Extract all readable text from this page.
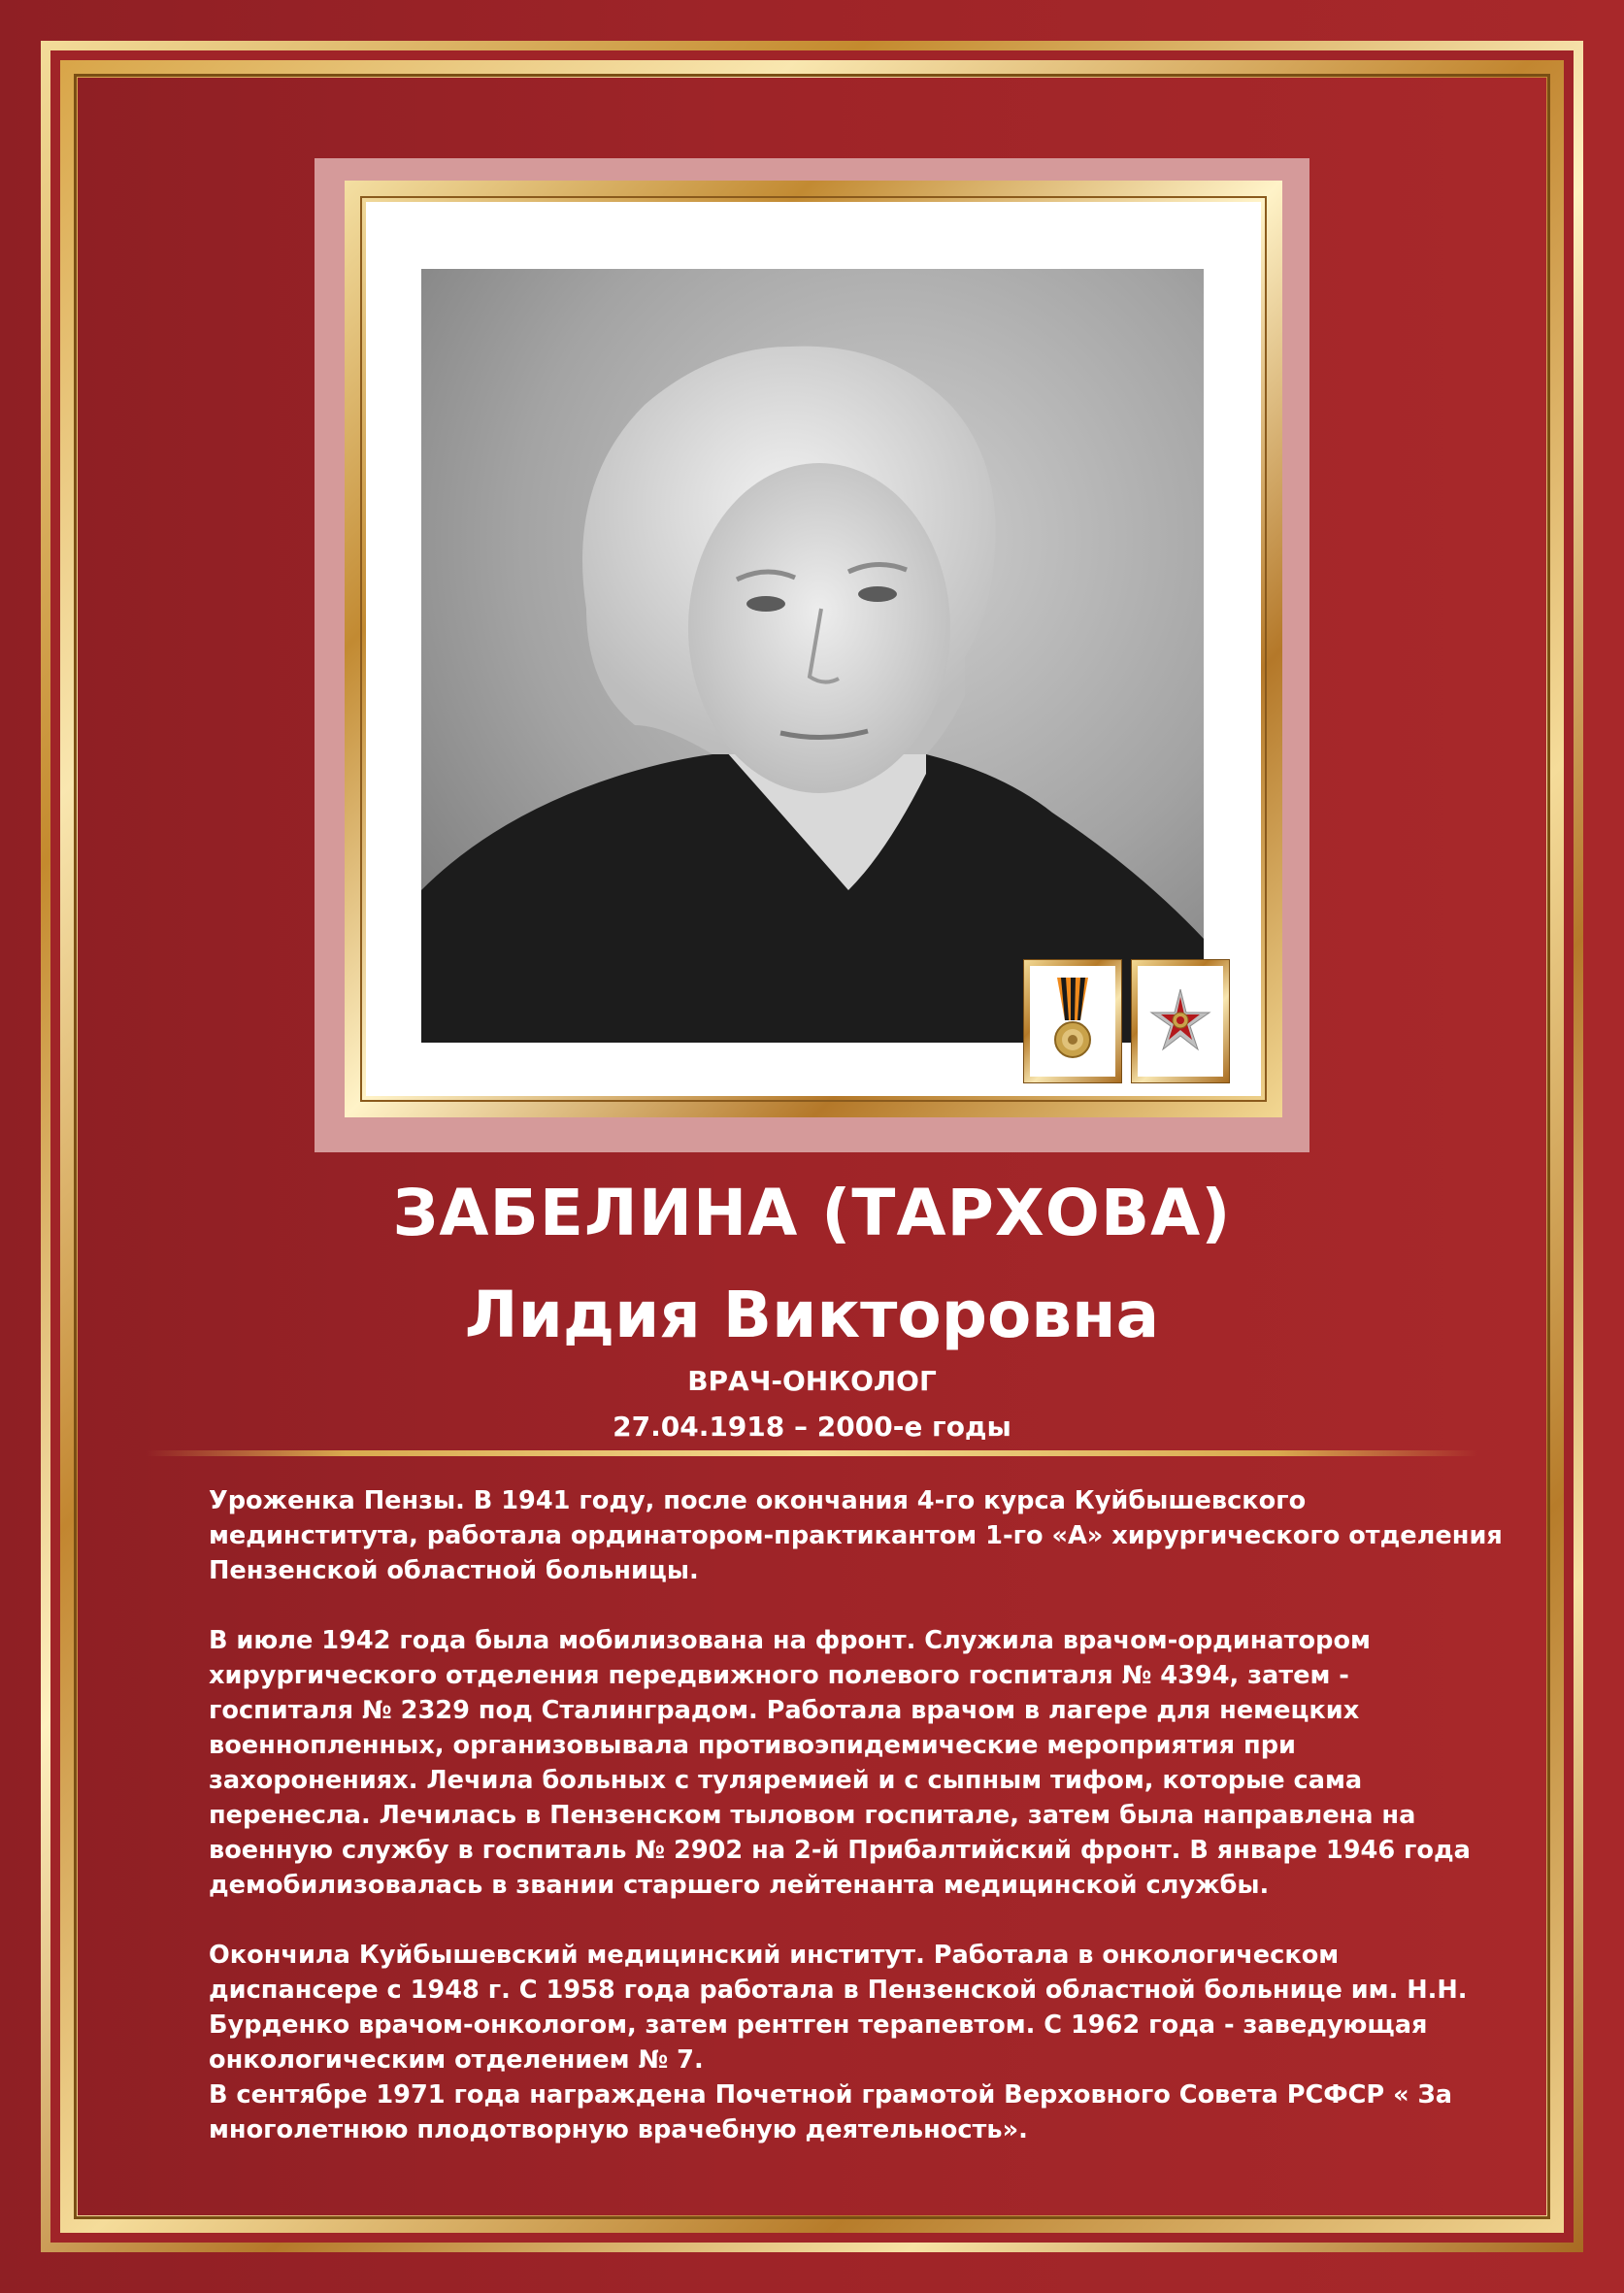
ЗАБЕЛИНА (ТАРХОВА)
Лидия Викторовна
ВРАЧ-ОНКОЛОГ
27.04.1918 – 2000-е годы

Уроженка Пензы. В 1941 году, после окончания 4-го курса Куйбышевского
мединститута, работала ординатором-практикантом 1-го «А» хирургического отделения
Пензенской областной больницы.

В июле 1942 года была мобилизована на фронт. Служила врачом-ординатором
хирургического отделения передвижного полевого госпиталя № 4394, затем -
госпиталя № 2329 под Сталинградом. Работала врачом в лагере для немецких
военнопленных, организовывала противоэпидемические мероприятия при
захоронениях. Лечила больных с туляремией и с сыпным тифом, которые сама
перенесла. Лечилась в Пензенском тыловом госпитале, затем была направлена на
военную службу в госпиталь № 2902 на 2-й Прибалтийский фронт. В январе 1946 года
демобилизовалась в звании старшего лейтенанта медицинской службы.

Окончила Куйбышевский медицинский институт. Работала в онкологическом
диспансере с 1948 г. С 1958 года работала в Пензенской областной больнице им. Н.Н.
Бурденко врачом-онкологом, затем рентген терапевтом. С 1962 года - заведующая
онкологическим отделением № 7.
В сентябре 1971 года награждена Почетной грамотой Верховного Совета РСФСР « За
многолетнюю плодотворную врачебную деятельность».
